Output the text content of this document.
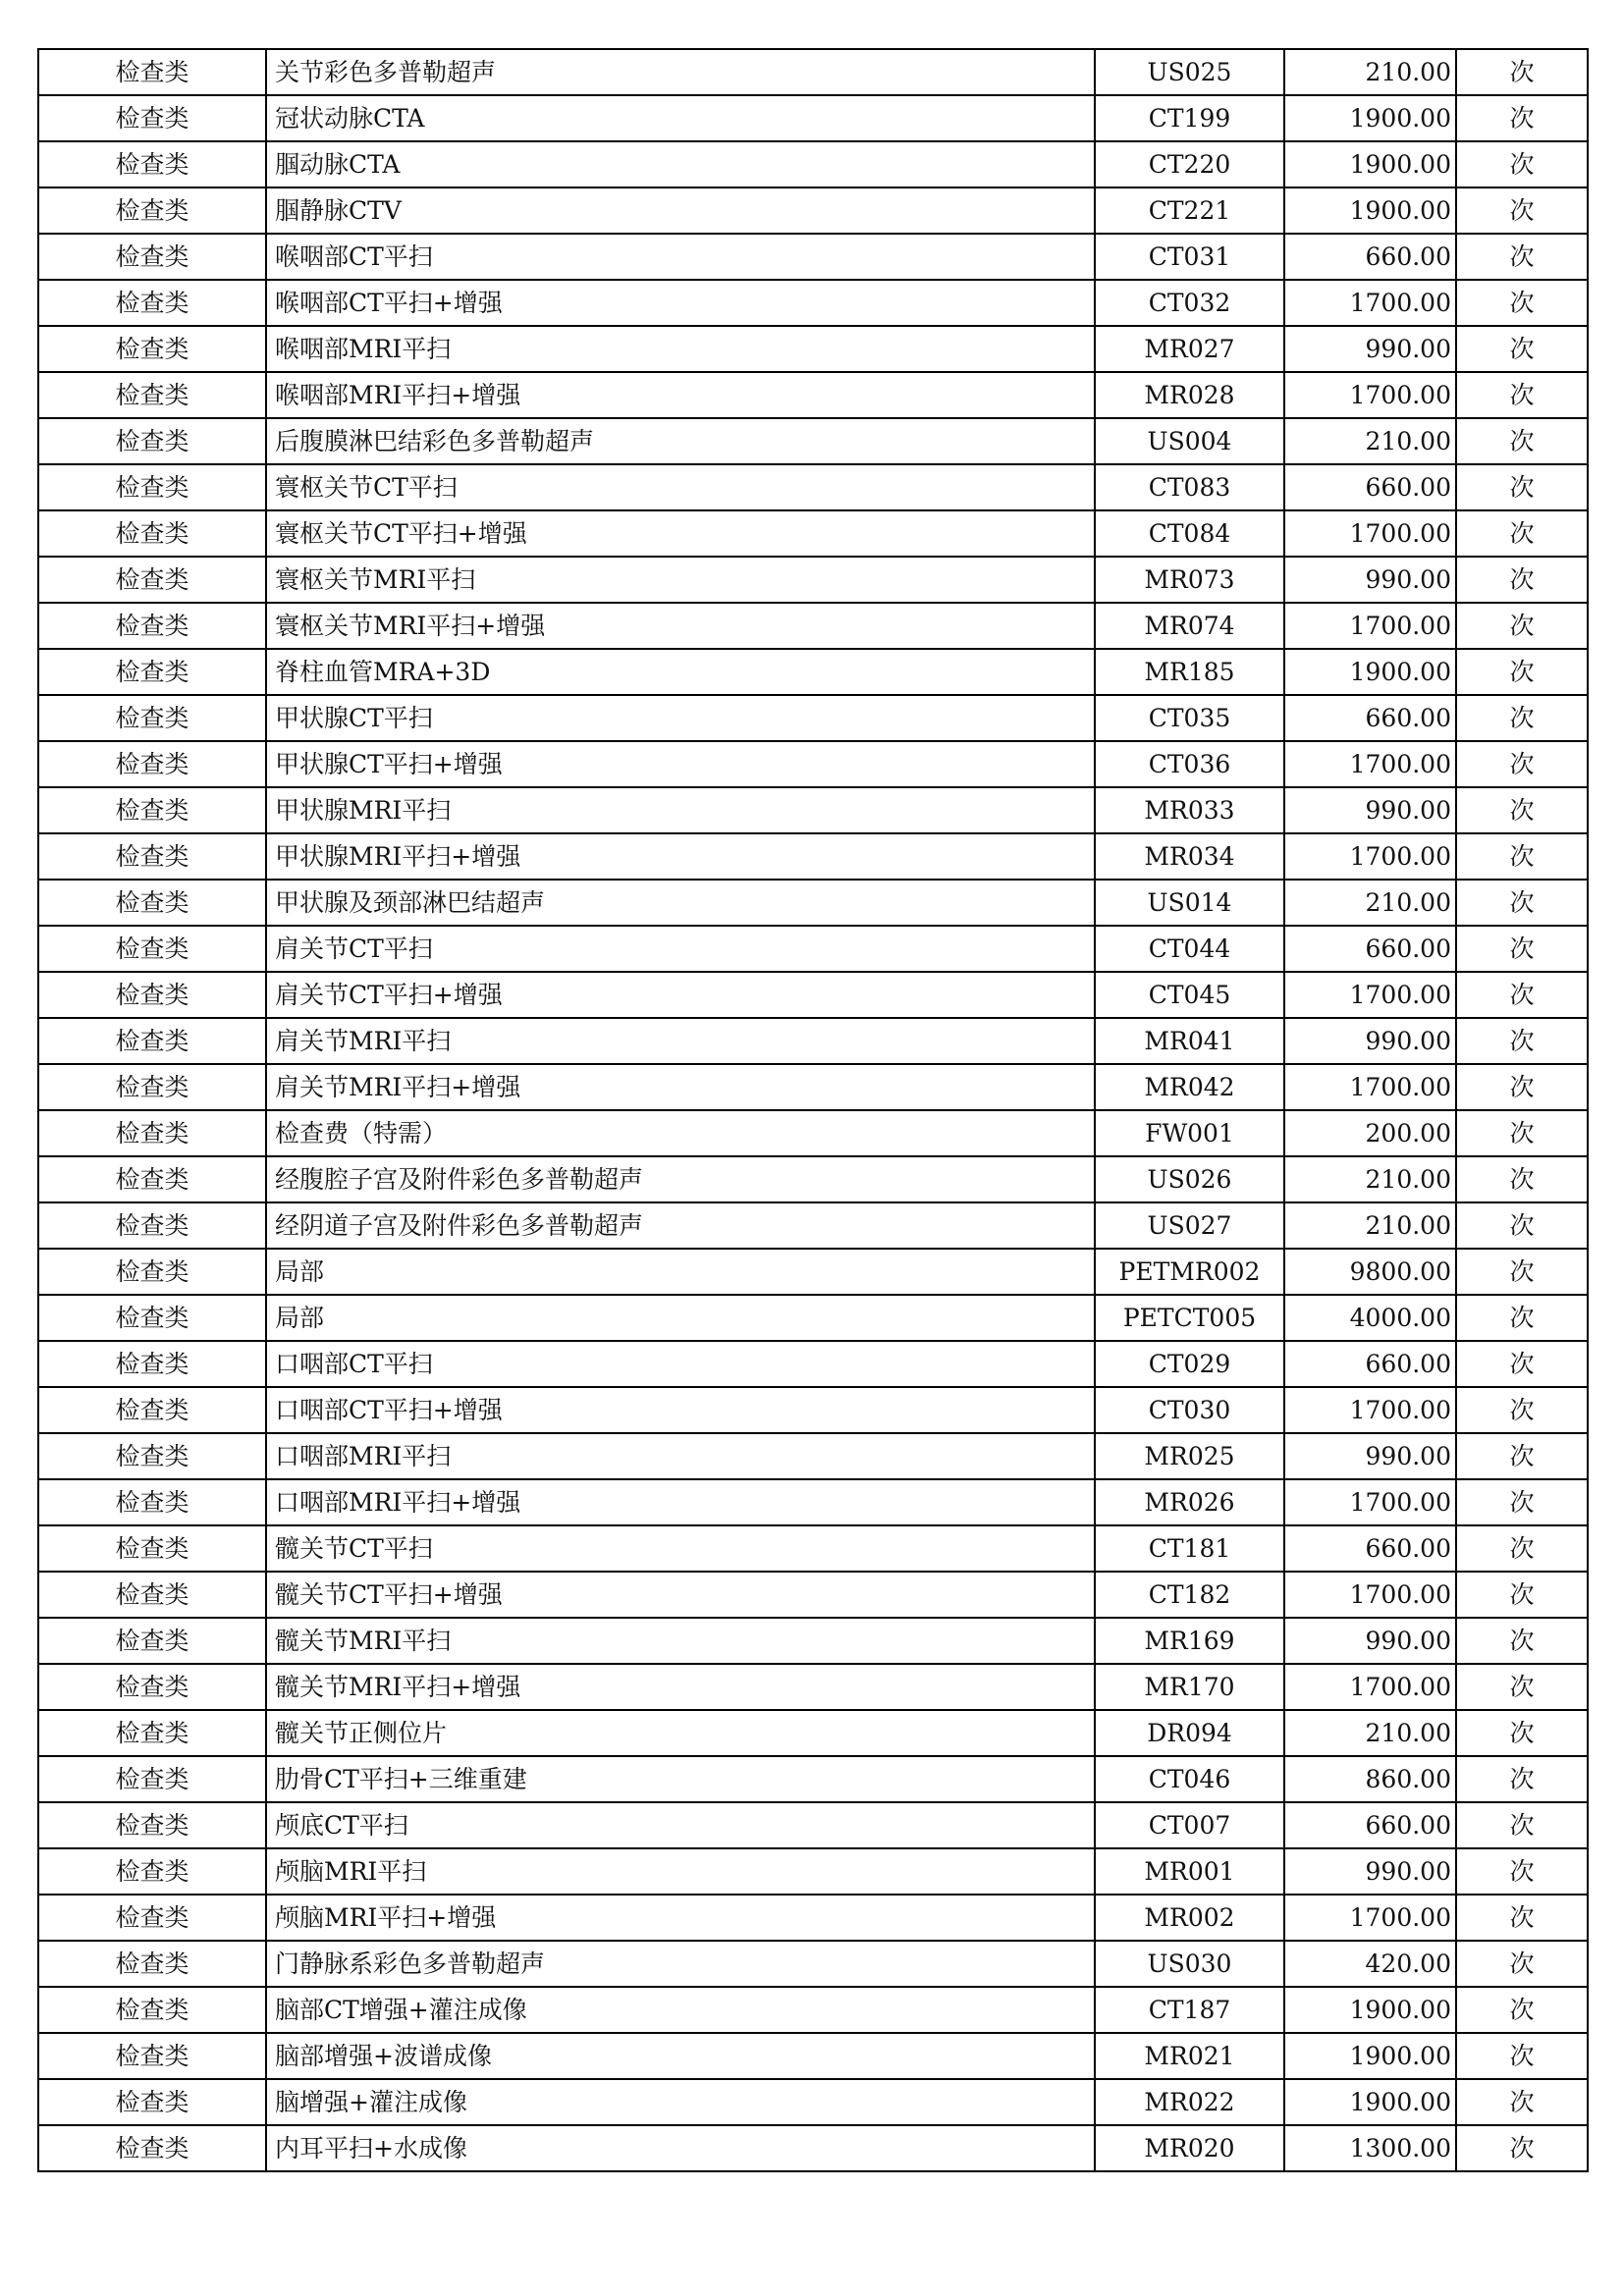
检查类	关节彩色多普勒超声	US025	210.00	次
检查类	冠状动脉CTA	CT199	1900.00	次
检查类	腘动脉CTA	CT220	1900.00	次
检查类	腘静脉CTV	CT221	1900.00	次
检查类	喉咽部CT平扫	CT031	660.00	次
检查类	喉咽部CT平扫+增强	CT032	1700.00	次
检查类	喉咽部MRI平扫	MR027	990.00	次
检查类	喉咽部MRI平扫+增强	MR028	1700.00	次
检查类	后腹膜淋巴结彩色多普勒超声	US004	210.00	次
检查类	寰枢关节CT平扫	CT083	660.00	次
检查类	寰枢关节CT平扫+增强	CT084	1700.00	次
检查类	寰枢关节MRI平扫	MR073	990.00	次
检查类	寰枢关节MRI平扫+增强	MR074	1700.00	次
检查类	脊柱血管MRA+3D	MR185	1900.00	次
检查类	甲状腺CT平扫	CT035	660.00	次
检查类	甲状腺CT平扫+增强	CT036	1700.00	次
检查类	甲状腺MRI平扫	MR033	990.00	次
检查类	甲状腺MRI平扫+增强	MR034	1700.00	次
检查类	甲状腺及颈部淋巴结超声	US014	210.00	次
检查类	肩关节CT平扫	CT044	660.00	次
检查类	肩关节CT平扫+增强	CT045	1700.00	次
检查类	肩关节MRI平扫	MR041	990.00	次
检查类	肩关节MRI平扫+增强	MR042	1700.00	次
检查类	检查费（特需）	FW001	200.00	次
检查类	经腹腔子宫及附件彩色多普勒超声	US026	210.00	次
检查类	经阴道子宫及附件彩色多普勒超声	US027	210.00	次
检查类	局部	PETMR002	9800.00	次
检查类	局部	PETCT005	4000.00	次
检查类	口咽部CT平扫	CT029	660.00	次
检查类	口咽部CT平扫+增强	CT030	1700.00	次
检查类	口咽部MRI平扫	MR025	990.00	次
检查类	口咽部MRI平扫+增强	MR026	1700.00	次
检查类	髋关节CT平扫	CT181	660.00	次
检查类	髋关节CT平扫+增强	CT182	1700.00	次
检查类	髋关节MRI平扫	MR169	990.00	次
检查类	髋关节MRI平扫+增强	MR170	1700.00	次
检查类	髋关节正侧位片	DR094	210.00	次
检查类	肋骨CT平扫+三维重建	CT046	860.00	次
检查类	颅底CT平扫	CT007	660.00	次
检查类	颅脑MRI平扫	MR001	990.00	次
检查类	颅脑MRI平扫+增强	MR002	1700.00	次
检查类	门静脉系彩色多普勒超声	US030	420.00	次
检查类	脑部CT增强+灌注成像	CT187	1900.00	次
检查类	脑部增强+波谱成像	MR021	1900.00	次
检查类	脑增强+灌注成像	MR022	1900.00	次
检查类	内耳平扫+水成像	MR020	1300.00	次
